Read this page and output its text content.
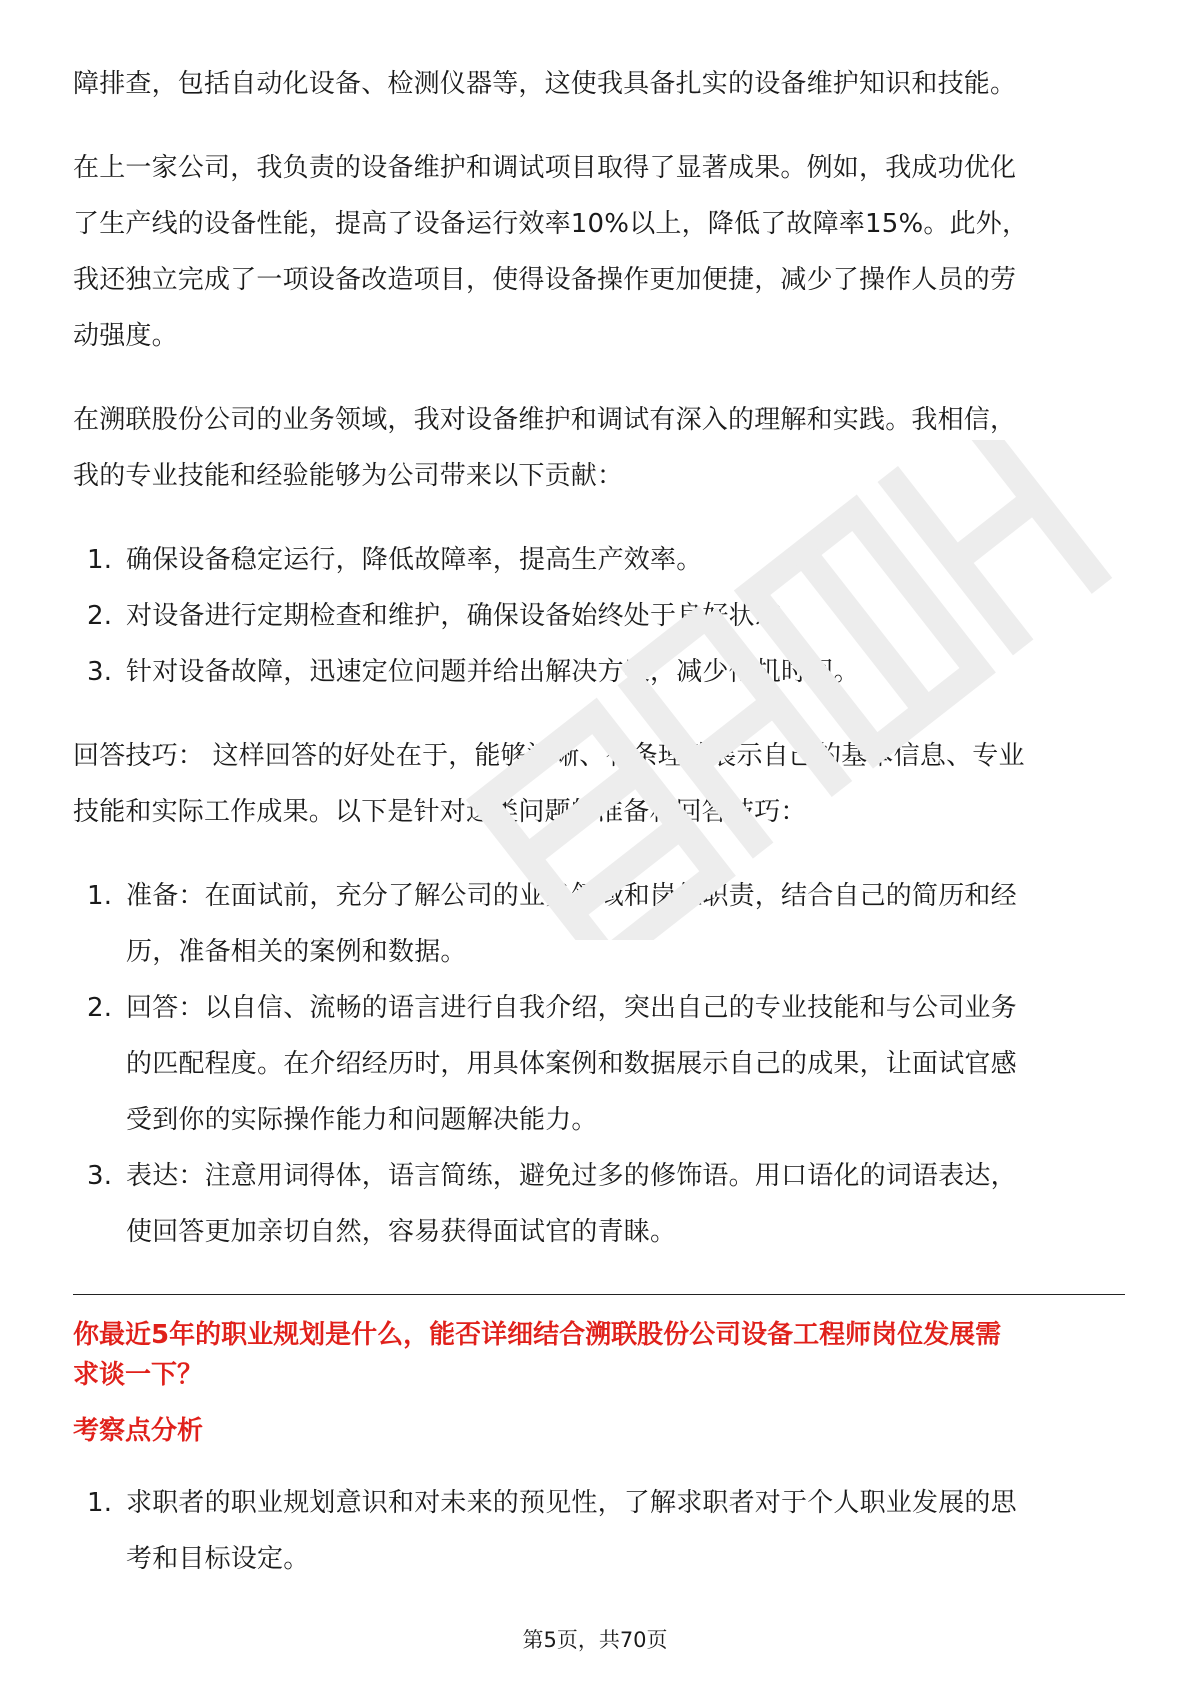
障排查，包括自动化设备、检测仪器等，这使我具备扎实的设备维护知识和技能。

在上一家公司，我负责的设备维护和调试项目取得了显著成果。例如，我成功优化

了生产线的设备性能，提高了设备运行效率10%以上，降低了故障率15%。此外，

我还独立完成了一项设备改造项目，使得设备操作更加便捷，减少了操作人员的劳

动强度。

在溯联股份公司的业务领域，我对设备维护和调试有深入的理解和实践。我相信，

我的专业技能和经验能够为公司带来以下贡献：

1. 确保设备稳定运行，降低故障率，提高生产效率。
2. 对设备进行定期检查和维护，确保设备始终处于良好状态。
3. 针对设备故障，迅速定位问题并给出解决方案，减少停机时间。

回答技巧： 这样回答的好处在于，能够清晰、有条理地展示自己的基本信息、专业

技能和实际工作成果。以下是针对这类问题的准备和回答技巧：

1. 准备：在面试前，充分了解公司的业务领域和岗位职责，结合自己的简历和经
历，准备相关的案例和数据。
2. 回答：以自信、流畅的语言进行自我介绍，突出自己的专业技能和与公司业务
的匹配程度。在介绍经历时，用具体案例和数据展示自己的成果，让面试官感
受到你的实际操作能力和问题解决能力。
3. 表达：注意用词得体，语言简练，避免过多的修饰语。用口语化的词语表达，
使回答更加亲切自然，容易获得面试官的青睐。

你最近5年的职业规划是什么，能否详细结合溯联股份公司设备工程师岗位发展需

求谈一下？

考察点分析

1. 求职者的职业规划意识和对未来的预见性，了解求职者对于个人职业发展的思
考和目标设定。
第5页，共70页
